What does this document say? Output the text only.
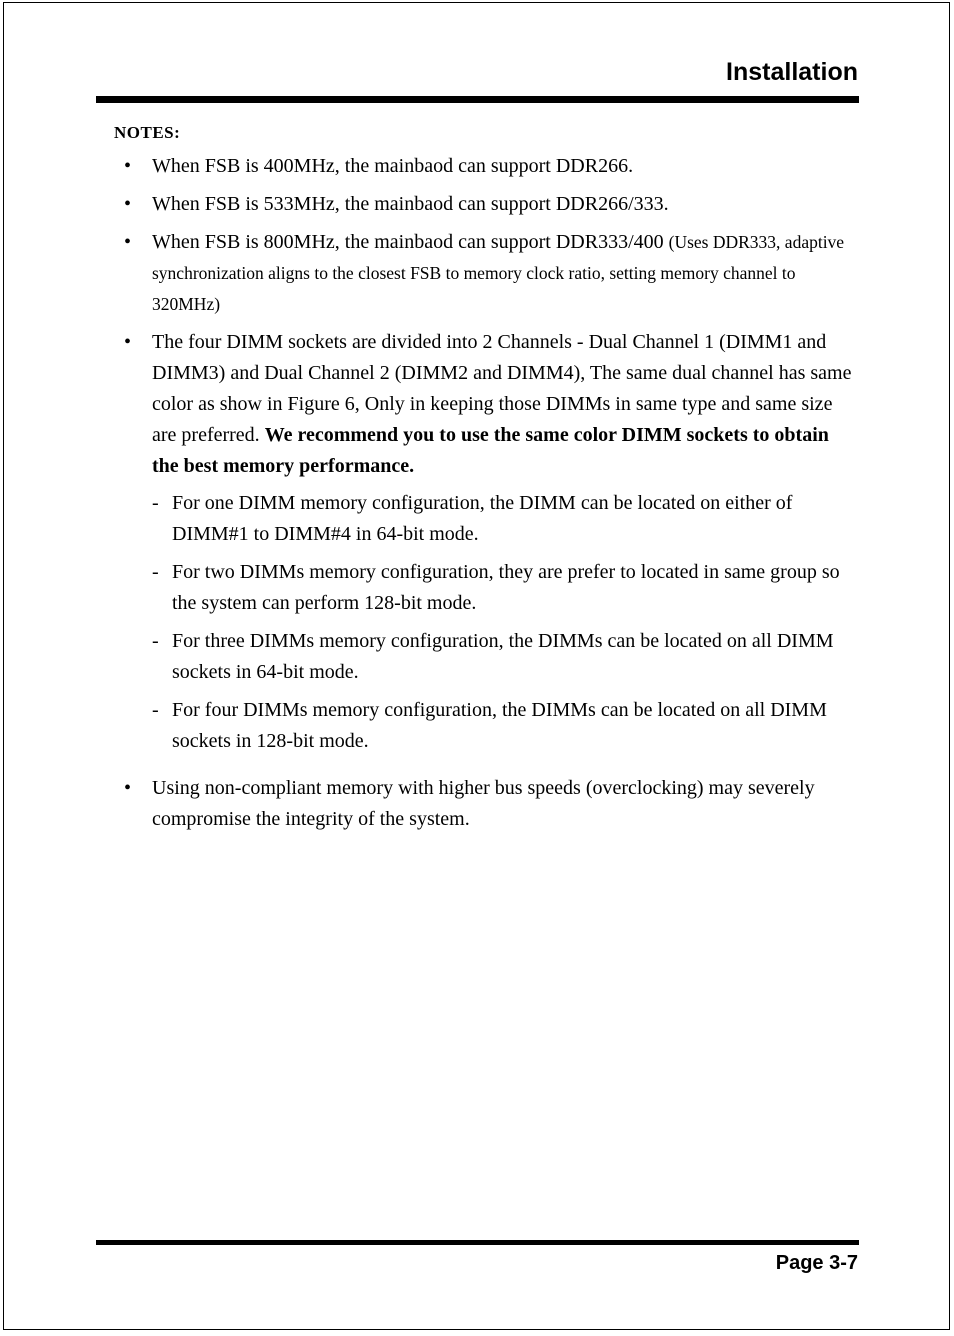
Installation
NOTES:
• When FSB is 400MHz, the mainbaod can support DDR266.
• When FSB is 533MHz, the mainbaod can support DDR266/333.
• When FSB is 800MHz, the mainbaod can support DDR333/400 (Uses DDR333, adaptive synchronization aligns to the closest FSB to memory clock ratio, setting memory channel to 320MHz)
• The four DIMM sockets are divided into 2 Channels - Dual Channel 1 (DIMM1 and DIMM3) and Dual Channel 2 (DIMM2 and DIMM4), The same dual channel has same color as show in Figure 6, Only in keeping those DIMMs in same type and same size are preferred. We recommend you to use the same color DIMM sockets to obtain the best memory performance.
- For one DIMM memory configuration, the DIMM can be located on either of DIMM#1 to DIMM#4 in 64-bit mode.
- For two DIMMs memory configuration, they are prefer to located in same group so the system can perform 128-bit mode.
- For three DIMMs memory configuration, the DIMMs can be located on all DIMM sockets in 64-bit mode.
- For four DIMMs memory configuration, the DIMMs can be located on all DIMM sockets in 128-bit mode.
• Using non-compliant memory with higher bus speeds (overclocking) may severely compromise the integrity of the system.
Page 3-7
